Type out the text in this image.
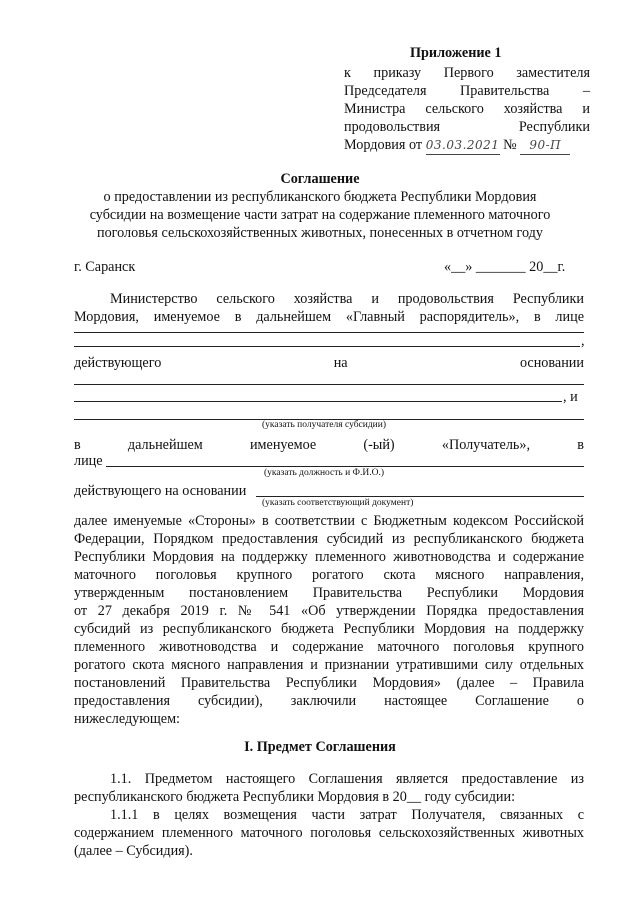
Приложение 1
к приказу Первого заместителя
Председателя Правительства –
Министра сельского хозяйства и
продовольствия Республики
Мордовия от 03.03.2021 № 90-П
Соглашение
о предоставлении из республиканского бюджета Республики Мордовия
субсидии на возмещение части затрат на содержание племенного маточного
поголовья сельскохозяйственных животных, понесенных в отчетном году
г. Саранск	«__» _______ 20__г.
Министерство сельского хозяйства и продовольствия Республики
Мордовия, именуемое в дальнейшем «Главный распорядитель», в лице
,
действующего	на	основании
, и
(указать получателя субсидии)
в	дальнейшем	именуемое	(-ый)	«Получатель»,	в
лице
(указать должность и Ф.И.О.)
действующего на основании
(указать соответствующий документ)
далее именуемые «Стороны» в соответствии с Бюджетным кодексом Российской
Федерации, Порядком предоставления субсидий из республиканского бюджета
Республики Мордовия на поддержку племенного животноводства и содержание
маточного поголовья крупного рогатого скота мясного направления,
утвержденным постановлением Правительства Республики Мордовия
от 27 декабря 2019 г. № 541 «Об утверждении Порядка предоставления
субсидий из республиканского бюджета Республики Мордовия на поддержку
племенного животноводства и содержание маточного поголовья крупного
рогатого скота мясного направления и признании утратившими силу отдельных
постановлений Правительства Республики Мордовия» (далее – Правила
предоставления субсидии), заключили настоящее Соглашение о
нижеследующем:
I. Предмет Соглашения
1.1. Предметом настоящего Соглашения является предоставление из
республиканского бюджета Республики Мордовия в 20__ году субсидии:
1.1.1 в целях возмещения части затрат Получателя, связанных с
содержанием племенного маточного поголовья сельскохозяйственных животных
(далее – Субсидия).
